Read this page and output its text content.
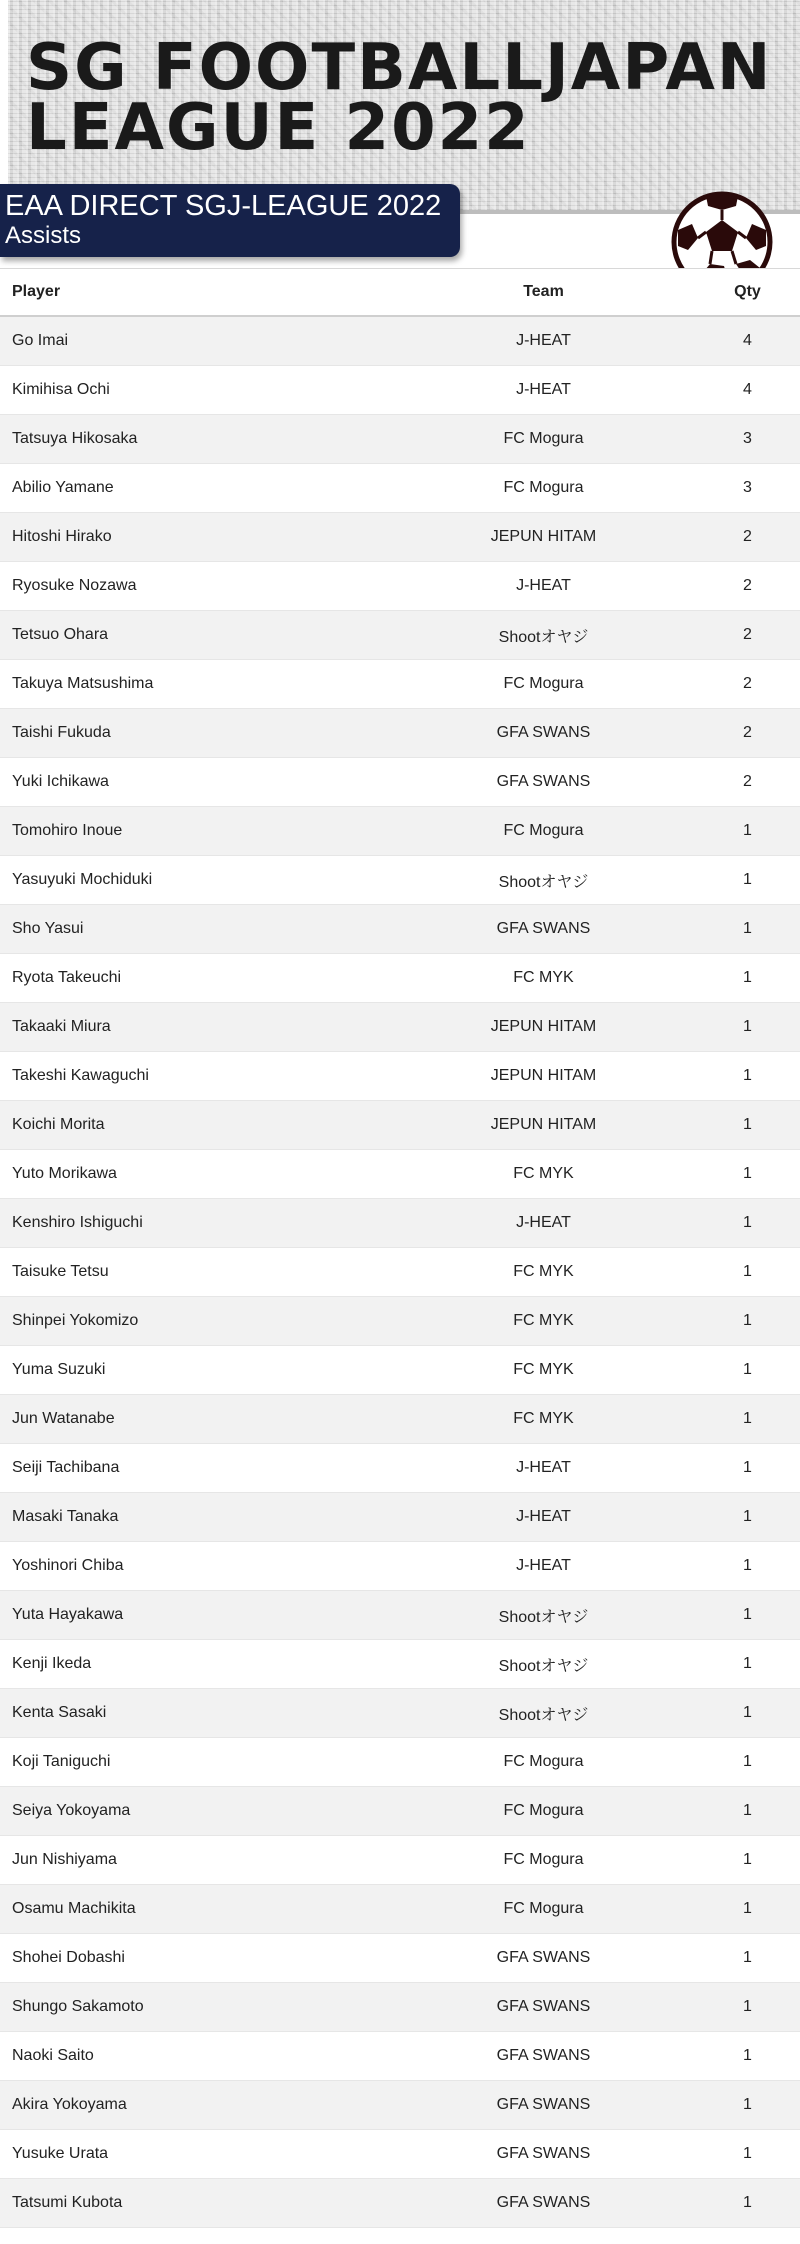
SG FOOTBALLJAPAN
LEAGUE 2022
EAA DIRECT SGJ-LEAGUE 2022
Assists
Player	Team	Qty
Go Imai	J-HEAT	4
Kimihisa Ochi	J-HEAT	4
Tatsuya Hikosaka	FC Mogura	3
Abilio Yamane	FC Mogura	3
Hitoshi Hirako	JEPUN HITAM	2
Ryosuke Nozawa	J-HEAT	2
Tetsuo Ohara	Shootオヤジ	2
Takuya Matsushima	FC Mogura	2
Taishi Fukuda	GFA SWANS	2
Yuki Ichikawa	GFA SWANS	2
Tomohiro Inoue	FC Mogura	1
Yasuyuki Mochiduki	Shootオヤジ	1
Sho Yasui	GFA SWANS	1
Ryota Takeuchi	FC MYK	1
Takaaki Miura	JEPUN HITAM	1
Takeshi Kawaguchi	JEPUN HITAM	1
Koichi Morita	JEPUN HITAM	1
Yuto Morikawa	FC MYK	1
Kenshiro Ishiguchi	J-HEAT	1
Taisuke Tetsu	FC MYK	1
Shinpei Yokomizo	FC MYK	1
Yuma Suzuki	FC MYK	1
Jun Watanabe	FC MYK	1
Seiji Tachibana	J-HEAT	1
Masaki Tanaka	J-HEAT	1
Yoshinori Chiba	J-HEAT	1
Yuta Hayakawa	Shootオヤジ	1
Kenji Ikeda	Shootオヤジ	1
Kenta Sasaki	Shootオヤジ	1
Koji Taniguchi	FC Mogura	1
Seiya Yokoyama	FC Mogura	1
Jun Nishiyama	FC Mogura	1
Osamu Machikita	FC Mogura	1
Shohei Dobashi	GFA SWANS	1
Shungo Sakamoto	GFA SWANS	1
Naoki Saito	GFA SWANS	1
Akira Yokoyama	GFA SWANS	1
Yusuke Urata	GFA SWANS	1
Tatsumi Kubota	GFA SWANS	1
